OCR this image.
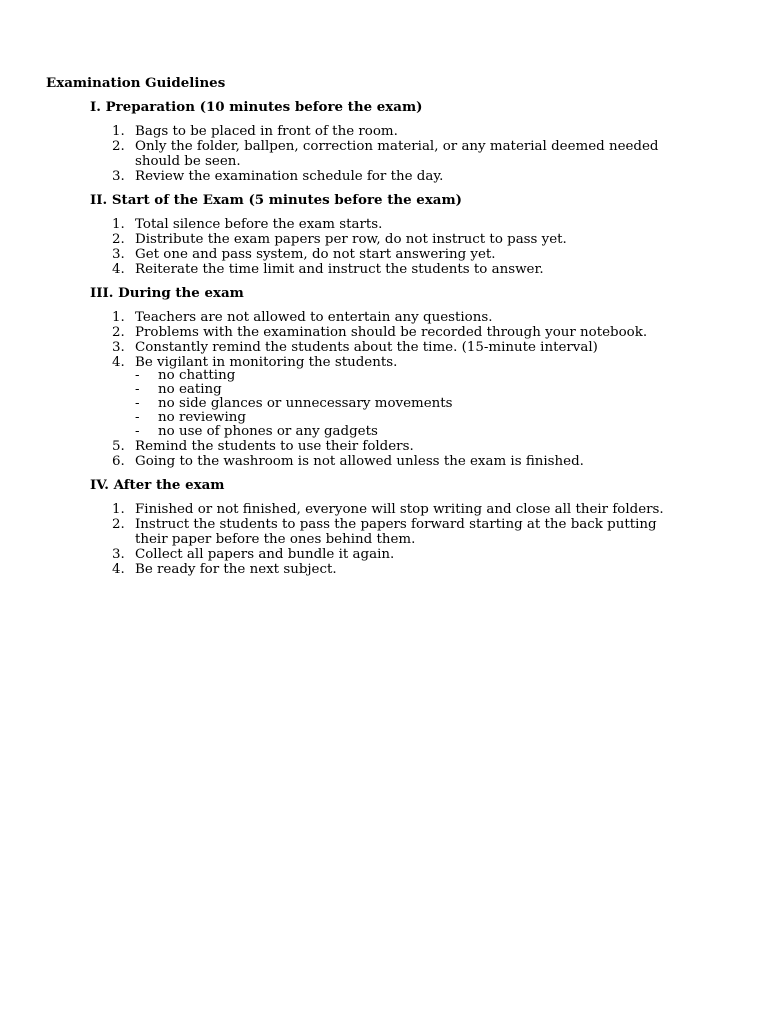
Examination Guidelines
I. Preparation (10 minutes before the exam)
1. Bags to be placed in front of the room.
2. Only the folder, ballpen, correction material, or any material deemed needed should be seen.
3. Review the examination schedule for the day.
II. Start of the Exam (5 minutes before the exam)
1. Total silence before the exam starts.
2. Distribute the exam papers per row, do not instruct to pass yet.
3. Get one and pass system, do not start answering yet.
4. Reiterate the time limit and instruct the students to answer.
III. During the exam
1. Teachers are not allowed to entertain any questions.
2. Problems with the examination should be recorded through your notebook.
3. Constantly remind the students about the time. (15-minute interval)
4. Be vigilant in monitoring the students.
- no chatting
- no eating
- no side glances or unnecessary movements
- no reviewing
- no use of phones or any gadgets
5. Remind the students to use their folders.
6. Going to the washroom is not allowed unless the exam is finished.
IV. After the exam
1. Finished or not finished, everyone will stop writing and close all their folders.
2. Instruct the students to pass the papers forward starting at the back putting their paper before the ones behind them.
3. Collect all papers and bundle it again.
4. Be ready for the next subject.
